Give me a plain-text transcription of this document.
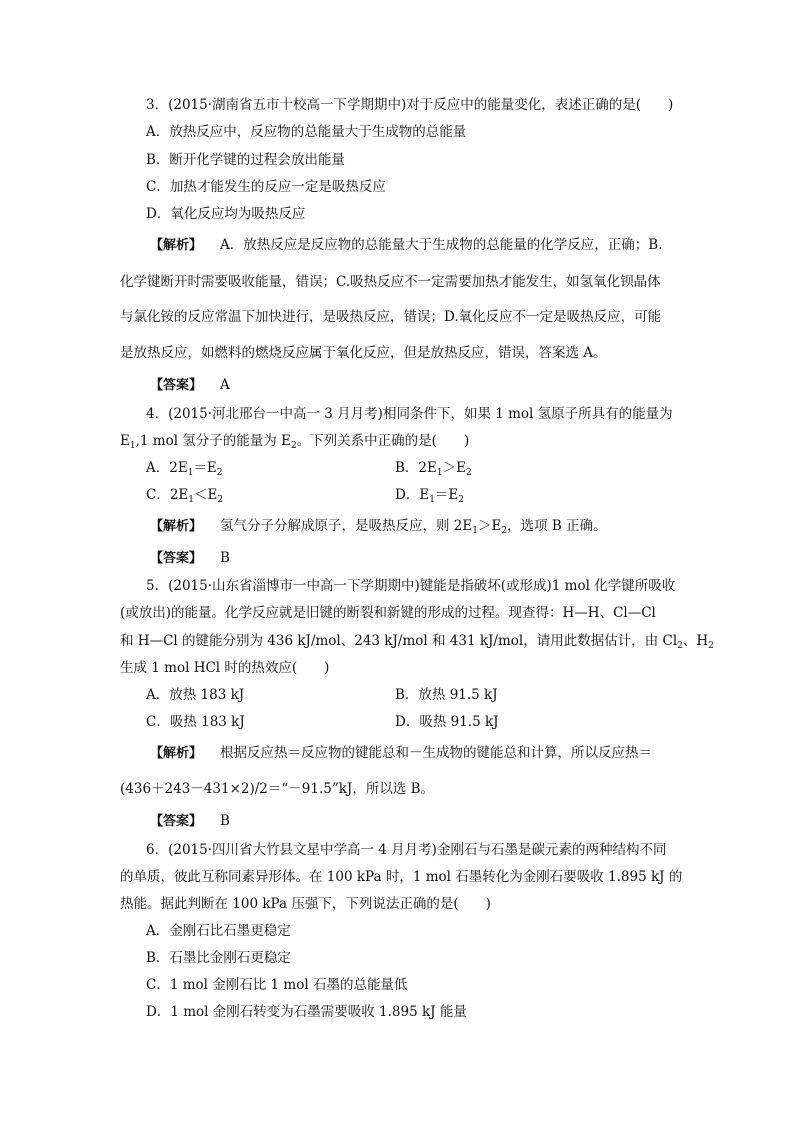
3．(2015·湖南省五市十校高一下学期期中)对于反应中的能量变化，表述正确的是(　　)
A．放热反应中，反应物的总能量大于生成物的总能量
B．断开化学键的过程会放出能量
C．加热才能发生的反应一定是吸热反应
D．氧化反应均为吸热反应
【解析】 A．放热反应是反应物的总能量大于生成物的总能量的化学反应，正确；B.
化学键断开时需要吸收能量，错误；C.吸热反应不一定需要加热才能发生，如氢氧化钡晶体
与氯化铵的反应常温下加快进行，是吸热反应，错误；D.氧化反应不一定是吸热反应，可能
是放热反应，如燃料的燃烧反应属于氧化反应，但是放热反应，错误，答案选 A。
【答案】 A
4．(2015·河北邢台一中高一 3 月月考)相同条件下，如果 1 mol 氢原子所具有的能量为
$E_1,1$ mol 氢分子的能量为 $E_2$。下列关系中正确的是(　　)
A．$2E_1=E_2$	B．$2E_1>E_2$
C．$2E_1<E_2$	D．$E_1=E_2$
【解析】 氢气分子分解成原子，是吸热反应，则 $2E_1>E_2$，选项 B 正确。
【答案】 B
5．(2015·山东省淄博市一中高一下学期期中)键能是指破坏(或形成)1 mol 化学键所吸收
(或放出)的能量。化学反应就是旧键的断裂和新键的形成的过程。现查得：H—H、Cl—Cl
和 H—Cl 的键能分别为 436 kJ/mol、243 kJ/mol 和 431 kJ/mol，请用此数据估计，由 $Cl_2$、$H_2$
生成 1 mol HCl 时的热效应(　　)
A．放热 183 kJ	B．放热 91.5 kJ
C．吸热 183 kJ	D．吸热 91.5 kJ
【解析】 根据反应热＝反应物的键能总和－生成物的键能总和计算，所以反应热＝
(436＋243－431×2)/2＝“－91.5”kJ，所以选 B。
【答案】 B
6．(2015·四川省大竹县文星中学高一 4 月月考)金刚石与石墨是碳元素的两种结构不同
的单质，彼此互称同素异形体。在 100 kPa 时，1 mol 石墨转化为金刚石要吸收 1.895 kJ 的
热能。据此判断在 100 kPa 压强下，下列说法正确的是(　　)
A．金刚石比石墨更稳定
B．石墨比金刚石更稳定
C．1 mol 金刚石比 1 mol 石墨的总能量低
D．1 mol 金刚石转变为石墨需要吸收 1.895 kJ 能量
